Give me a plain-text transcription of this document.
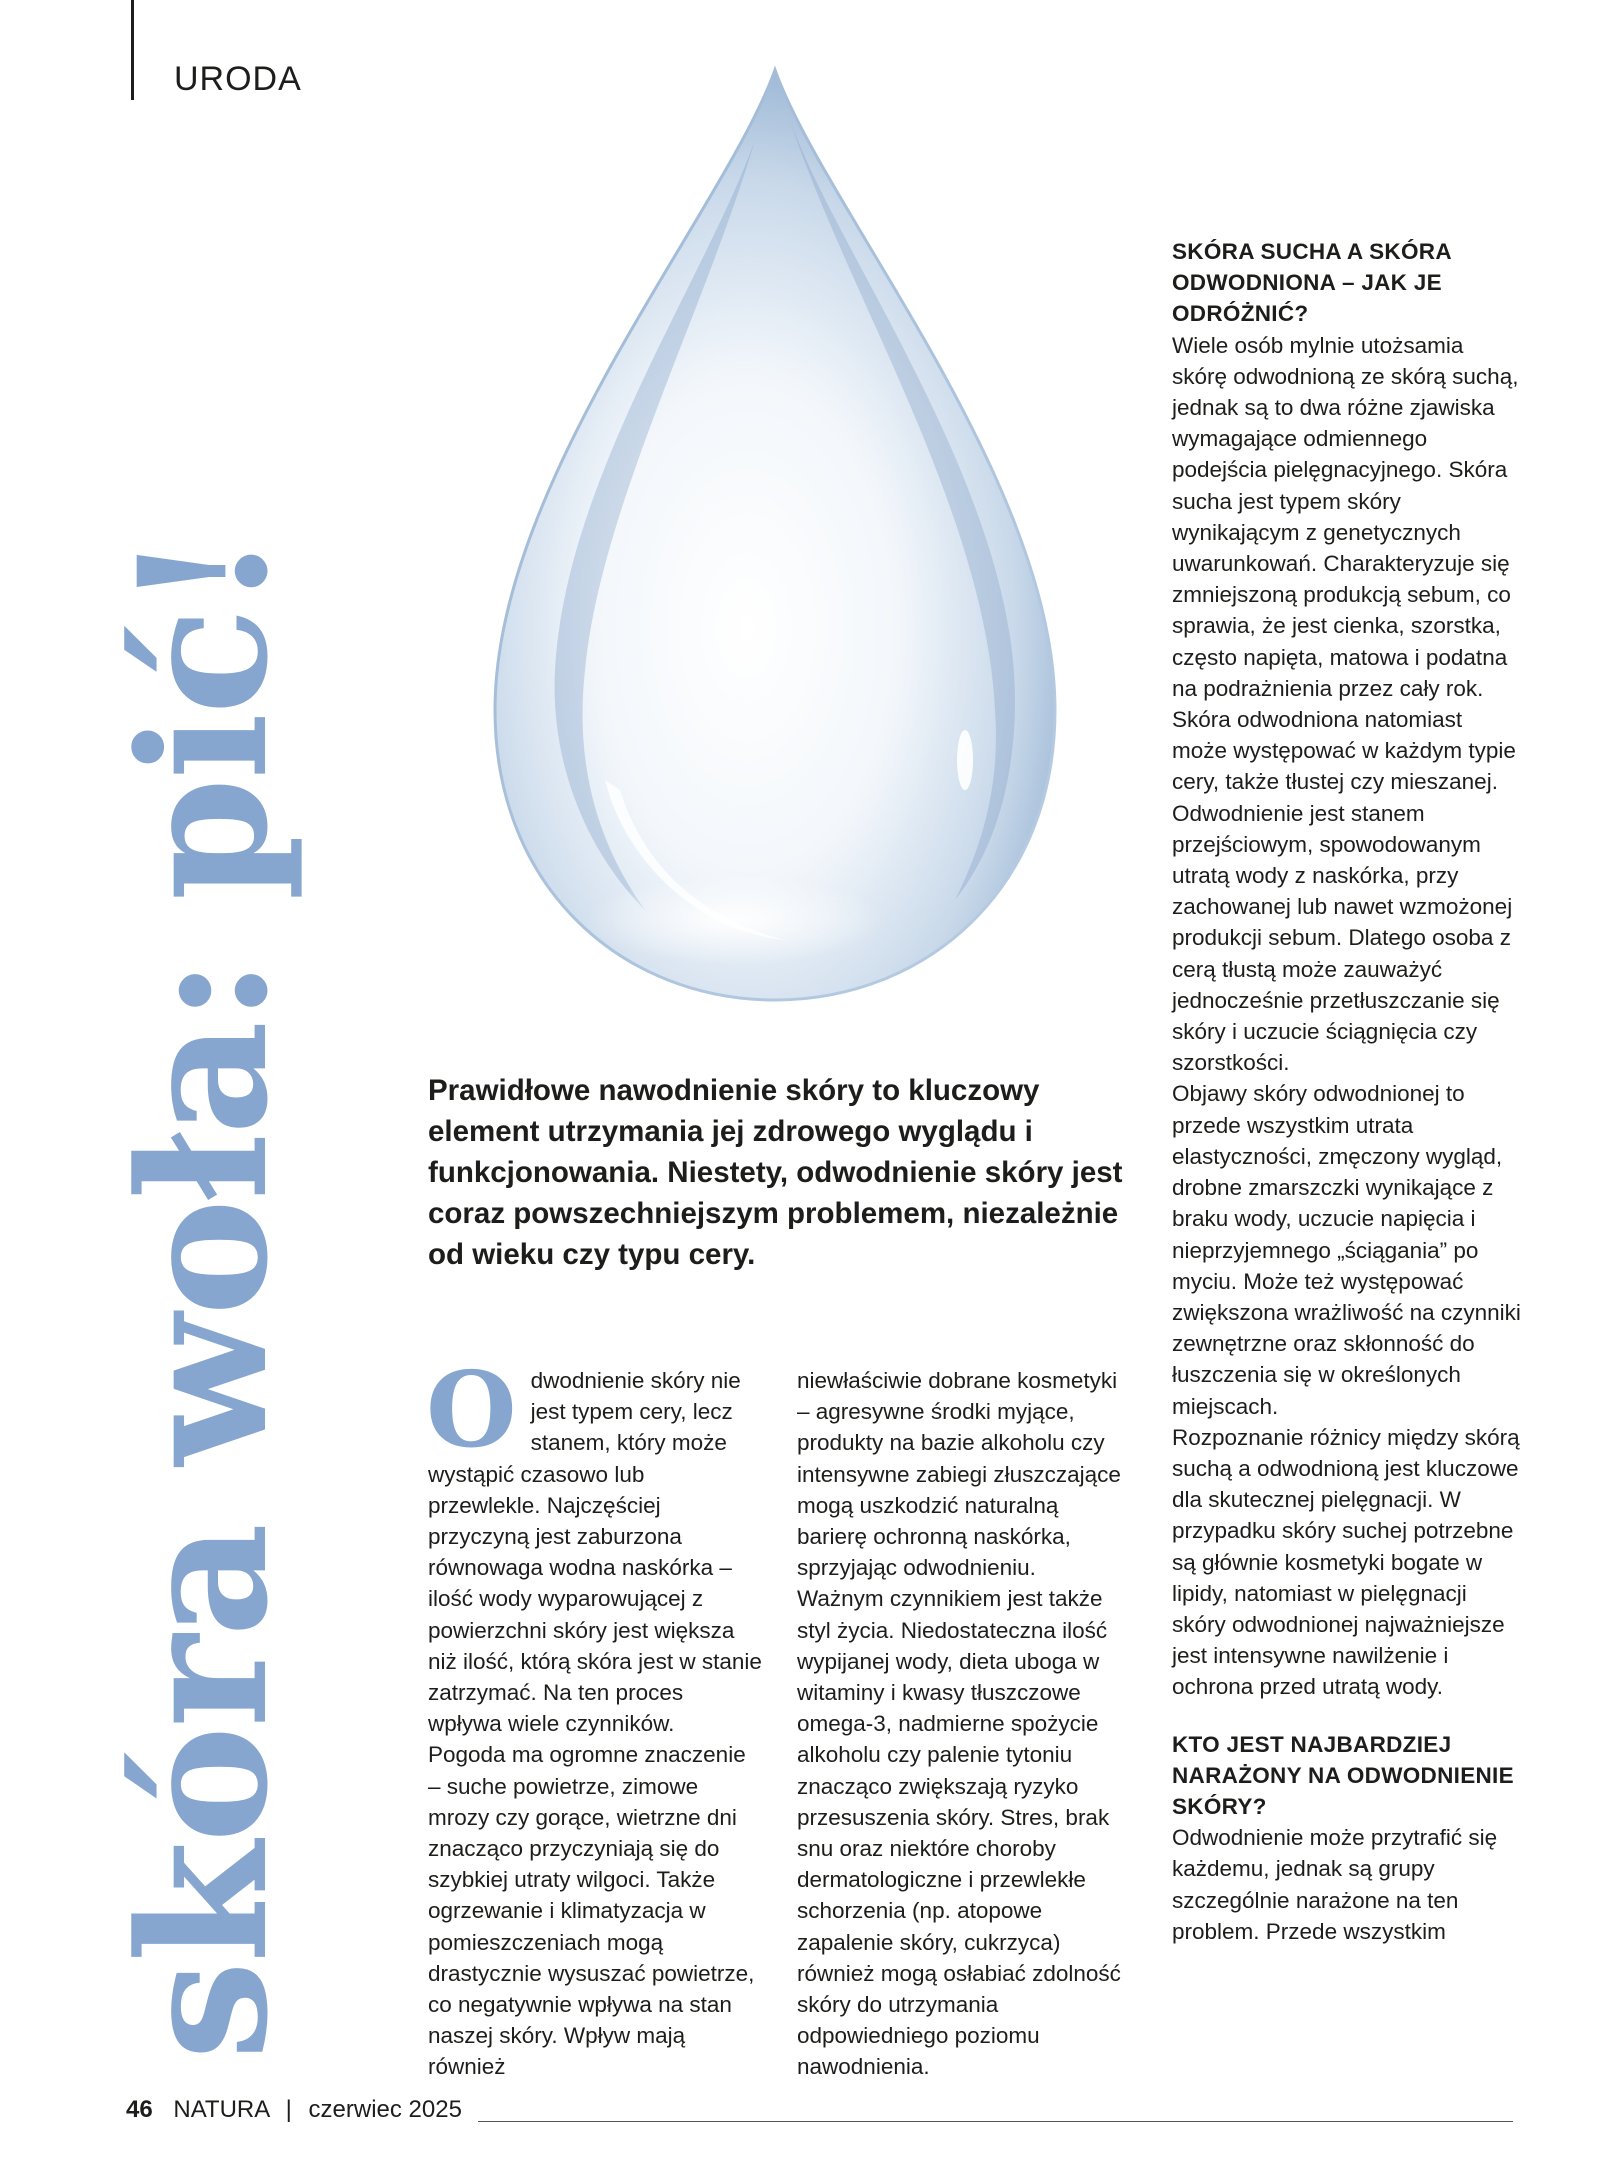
URODA
skóra woła: pić!	Prawidłowe nawodnienie skóry to kluczowy element utrzymania jej zdrowego wyglądu i funkcjonowania. Niestety, odwodnienie skóry jest coraz powszechniejszym problemem, niezależnie od wieku czy typu cery.

Odwodnienie skóry nie jest typem cery, lecz stanem, który może wystąpić czasowo lub przewlekle. Najczęściej przyczyną jest zaburzona równowaga wodna naskórka – ilość wody wyparowującej z powierzchni skóry jest większa niż ilość, którą skóra jest w stanie zatrzymać. Na ten proces wpływa wiele czynników.

Pogoda ma ogromne znaczenie – suche powietrze, zimowe mrozy czy gorące, wietrzne dni znacząco przyczyniają się do szybkiej utraty wilgoci. Także ogrzewanie i klimatyzacja w pomieszczeniach mogą drastycznie wysuszać powietrze, co negatywnie wpływa na stan naszej skóry. Wpływ mają również

niewłaściwie dobrane kosmetyki – agresywne środki myjące, produkty na bazie alkoholu czy intensywne zabiegi złuszczające mogą uszkodzić naturalną barierę ochronną naskórka, sprzyjając odwodnieniu.

Ważnym czynnikiem jest także styl życia. Niedostateczna ilość wypijanej wody, dieta uboga w witaminy i kwasy tłuszczowe omega-3, nadmierne spożycie alkoholu czy palenie tytoniu znacząco zwiększają ryzyko przesuszenia skóry. Stres, brak snu oraz niektóre choroby dermatologiczne i przewlekłe schorzenia (np. atopowe zapalenie skóry, cukrzyca) również mogą osłabiać zdolność skóry do utrzymania odpowiedniego poziomu nawodnienia.

SKÓRA SUCHA A SKÓRA ODWODNIONA – JAK JE ODRÓŻNIĆ?

Wiele osób mylnie utożsamia skórę odwodnioną ze skórą suchą, jednak są to dwa różne zjawiska wymagające odmiennego podejścia pielęgnacyjnego. Skóra sucha jest typem skóry wynikającym z genetycznych uwarunkowań. Charakteryzuje się zmniejszoną produkcją sebum, co sprawia, że jest cienka, szorstka, często napięta, matowa i podatna na podrażnienia przez cały rok.

Skóra odwodniona natomiast może występować w każdym typie cery, także tłustej czy mieszanej. Odwodnienie jest stanem przejściowym, spowodowanym utratą wody z naskórka, przy zachowanej lub nawet wzmożonej produkcji sebum. Dlatego osoba z cerą tłustą może zauważyć jednocześnie przetłuszczanie się skóry i uczucie ściągnięcia czy szorstkości.

Objawy skóry odwodnionej to przede wszystkim utrata elastyczności, zmęczony wygląd, drobne zmarszczki wynikające z braku wody, uczucie napięcia i nieprzyjemnego „ściągania” po myciu. Może też występować zwiększona wrażliwość na czynniki zewnętrzne oraz skłonność do łuszczenia się w określonych miejscach.

Rozpoznanie różnicy między skórą suchą a odwodnioną jest kluczowe dla skutecznej pielęgnacji. W przypadku skóry suchej potrzebne są głównie kosmetyki bogate w lipidy, natomiast w pielęgnacji skóry odwodnionej najważniejsze jest intensywne nawilżenie i ochrona przed utratą wody.

KTO JEST NAJBARDZIEJ NARAŻONY NA ODWODNIENIE SKÓRY?

Odwodnienie może przytrafić się każdemu, jednak są grupy szczególnie narażone na ten problem. Przede wszystkim

46 NATURA | czerwiec 2025
